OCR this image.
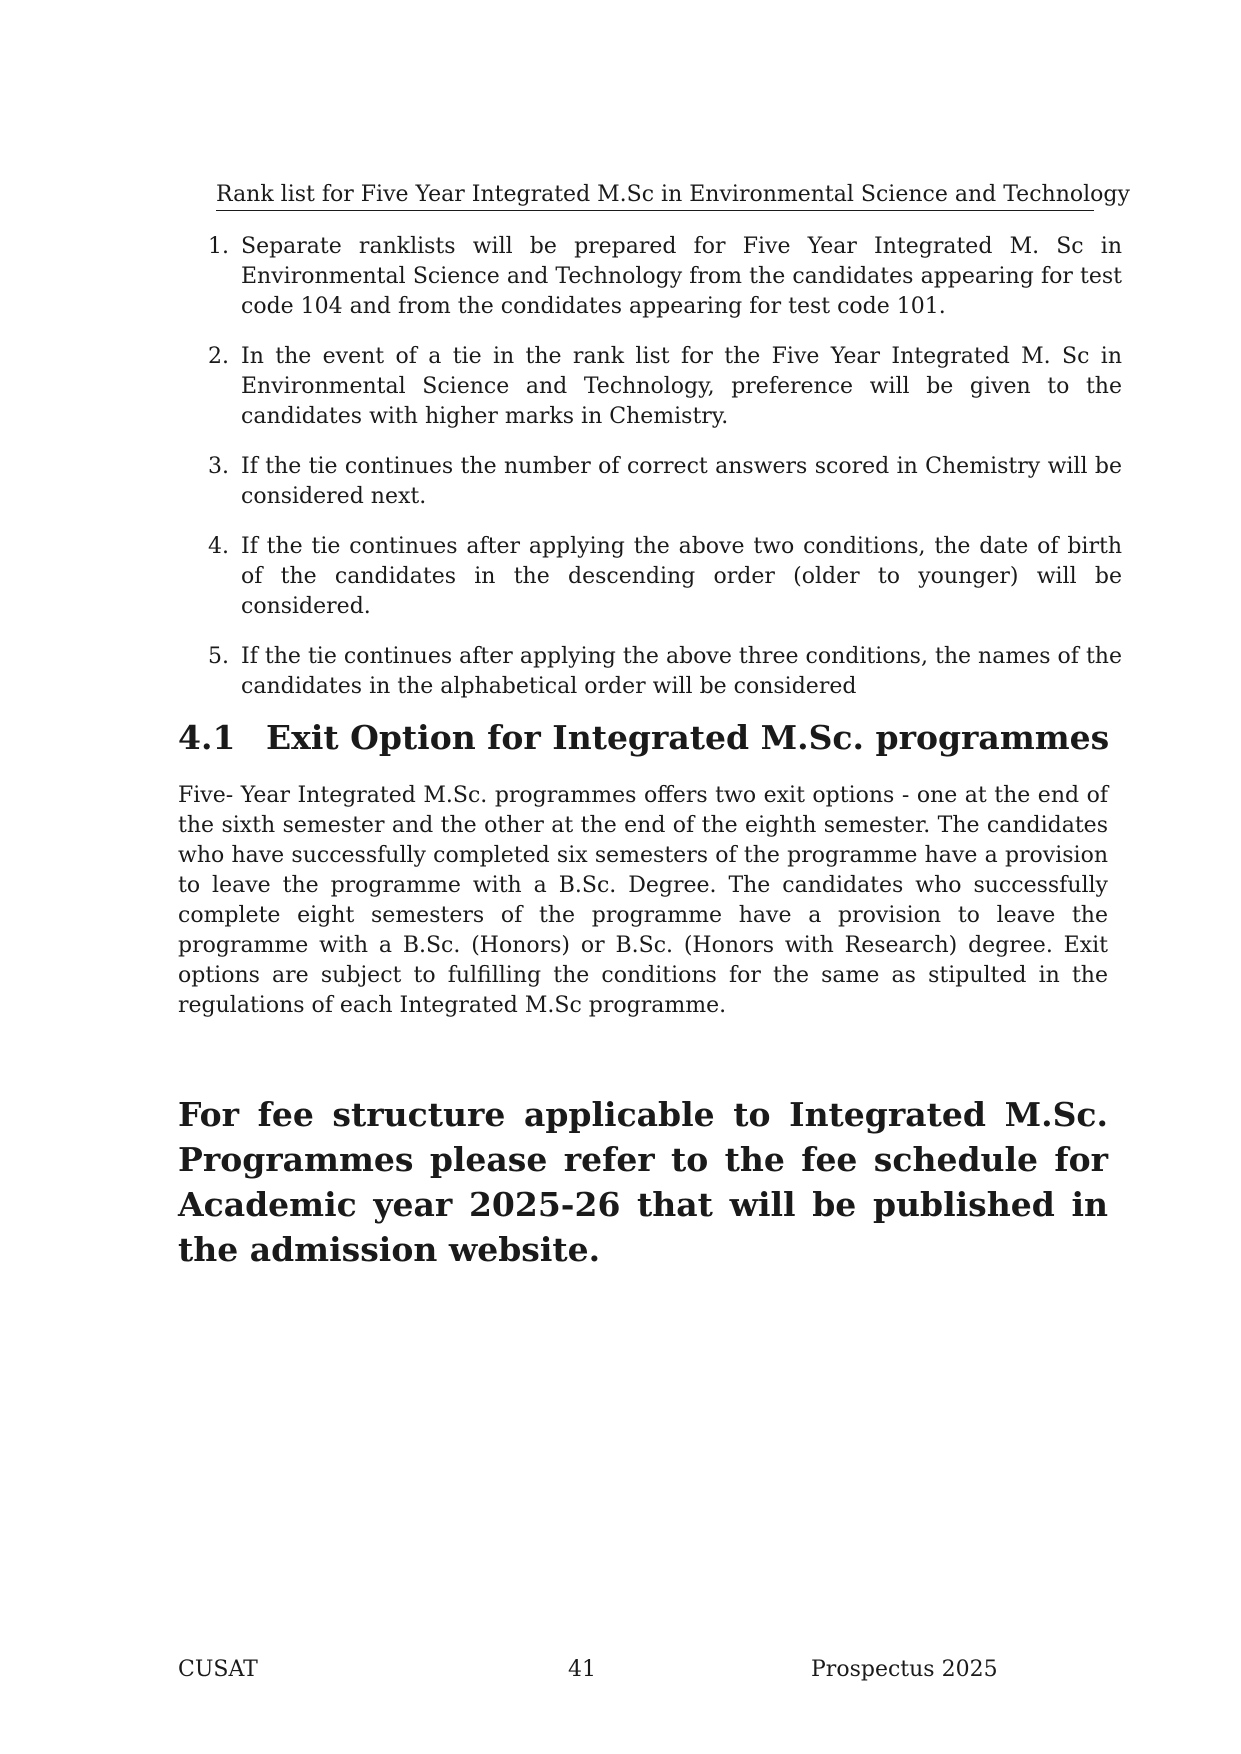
Rank list for Five Year Integrated M.Sc in Environmental Science and Technology
1. Separate ranklists will be prepared for Five Year Integrated M. Sc in Environmental Science and Technology from the candidates appearing for test code 104 and from the condidates appearing for test code 101.
2. In the event of a tie in the rank list for the Five Year Integrated M. Sc in Environmental Science and Technology, preference will be given to the candidates with higher marks in Chemistry.
3. If the tie continues the number of correct answers scored in Chemistry will be considered next.
4. If the tie continues after applying the above two conditions, the date of birth of the candidates in the descending order (older to younger) will be considered.
5. If the tie continues after applying the above three conditions, the names of the candidates in the alphabetical order will be considered
4.1 Exit Option for Integrated M.Sc. programmes

Five- Year Integrated M.Sc. programmes offers two exit options - one at the end of the sixth semester and the other at the end of the eighth semester. The candidates who have successfully completed six semesters of the programme have a provision to leave the programme with a B.Sc. Degree. The candidates who successfully complete eight semesters of the programme have a provision to leave the programme with a B.Sc. (Honors) or B.Sc. (Honors with Research) degree. Exit options are subject to fulfilling the conditions for the same as stipulted in the regulations of each Integrated M.Sc programme.

For fee structure applicable to Integrated M.Sc. Programmes please refer to the fee schedule for Academic year 2025-26 that will be published in the admission website.

CUSAT	41	Prospectus 2025
